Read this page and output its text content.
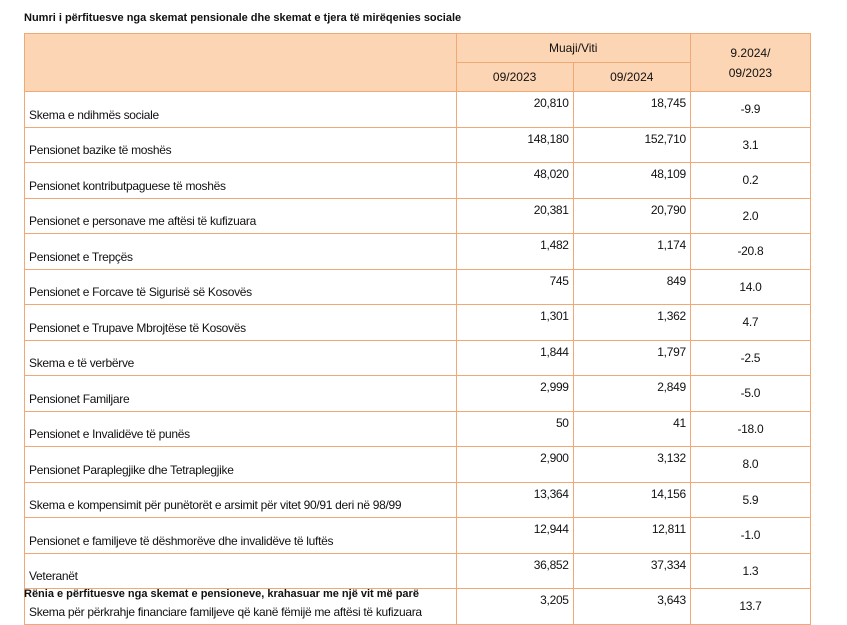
Numri i përfituesve nga skemat pensionale dhe skemat e tjera të mirëqenies sociale
	Muaji/Viti		9.2024/
09/2023

	09/2023	09/2024	
Skema e ndihmës sociale	20,810	18,745	-9.9
Pensionet bazike të moshës	148,180	152,710	3.1
Pensionet kontributpaguese të moshës	48,020	48,109	0.2
Pensionet e personave me aftësi të kufizuara	20,381	20,790	2.0
Pensionet e Trepçës	1,482	1,174	-20.8
Pensionet e Forcave të Sigurisë së Kosovës	745	849	14.0
Pensionet e Trupave Mbrojtëse të Kosovës	1,301	1,362	4.7
Skema e të verbërve	1,844	1,797	-2.5
Pensionet Familjare	2,999	2,849	-5.0
Pensionet e Invalidëve të punës	50	41	-18.0
Pensionet Paraplegjike dhe Tetraplegjike	2,900	3,132	8.0
Skema e kompensimit për punëtorët e arsimit për vitet 90/91 deri në 98/99	13,364	14,156	5.9
Pensionet e familjeve të dëshmorëve dhe invalidëve të luftës	12,944	12,811	-1.0
Veteranët	36,852	37,334	1.3
Skema për përkrahje financiare familjeve që kanë fëmijë me aftësi të kufizuara	3,205	3,643	13.7
Rënia e përfituesve nga skemat e pensioneve, krahasuar me një vit më parë
